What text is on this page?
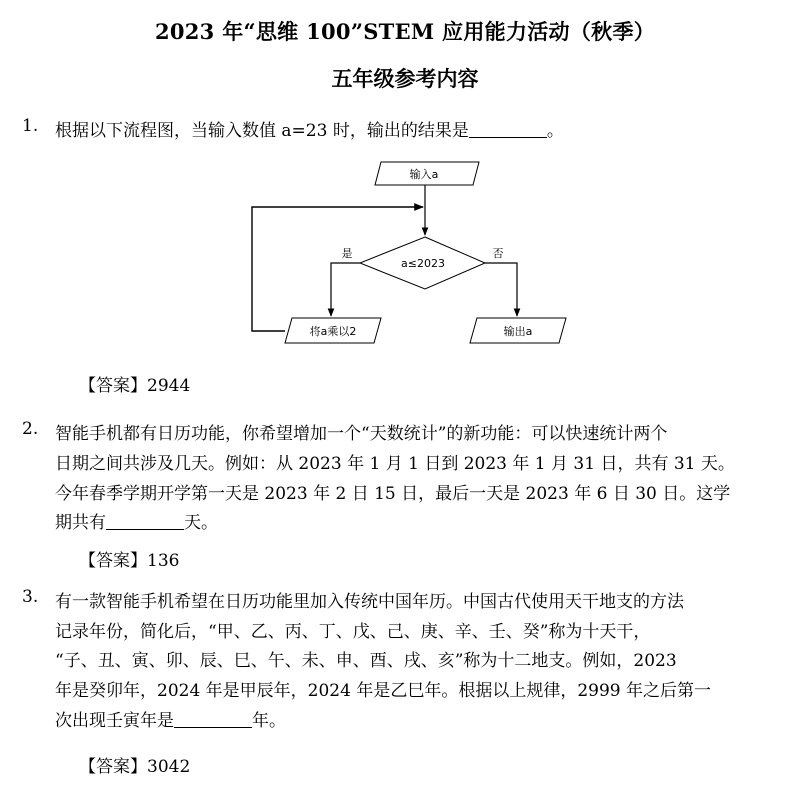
2023 年“思维 100”STEM 应用能力活动（秋季）
五年级参考内容
1. 根据以下流程图，当输入数值 a=23 时，输出的结果是	。
输入a
a≤2023
是	否
将a乘以2	输出a
【答案】2944
2. 智能手机都有日历功能，你希望增加一个“天数统计”的新功能：可以快速统计两个
日期之间共涉及几天。例如：从 2023 年 1 月 1 日到 2023 年 1 月 31 日，共有 31 天。
今年春季学期开学第一天是 2023 年 2 日 15 日，最后一天是 2023 年 6 日 30 日。这学
期共有	天。
【答案】136
3. 有一款智能手机希望在日历功能里加入传统中国年历。中国古代使用天干地支的方法
记录年份，简化后，“甲、乙、丙、丁、戊、己、庚、辛、壬、癸”称为十天干，
“子、丑、寅、卯、辰、巳、午、未、申、酉、戌、亥”称为十二地支。例如，2023
年是癸卯年，2024 年是甲辰年，2024 年是乙巳年。根据以上规律，2999 年之后第一
次出现壬寅年是	年。
【答案】3042
